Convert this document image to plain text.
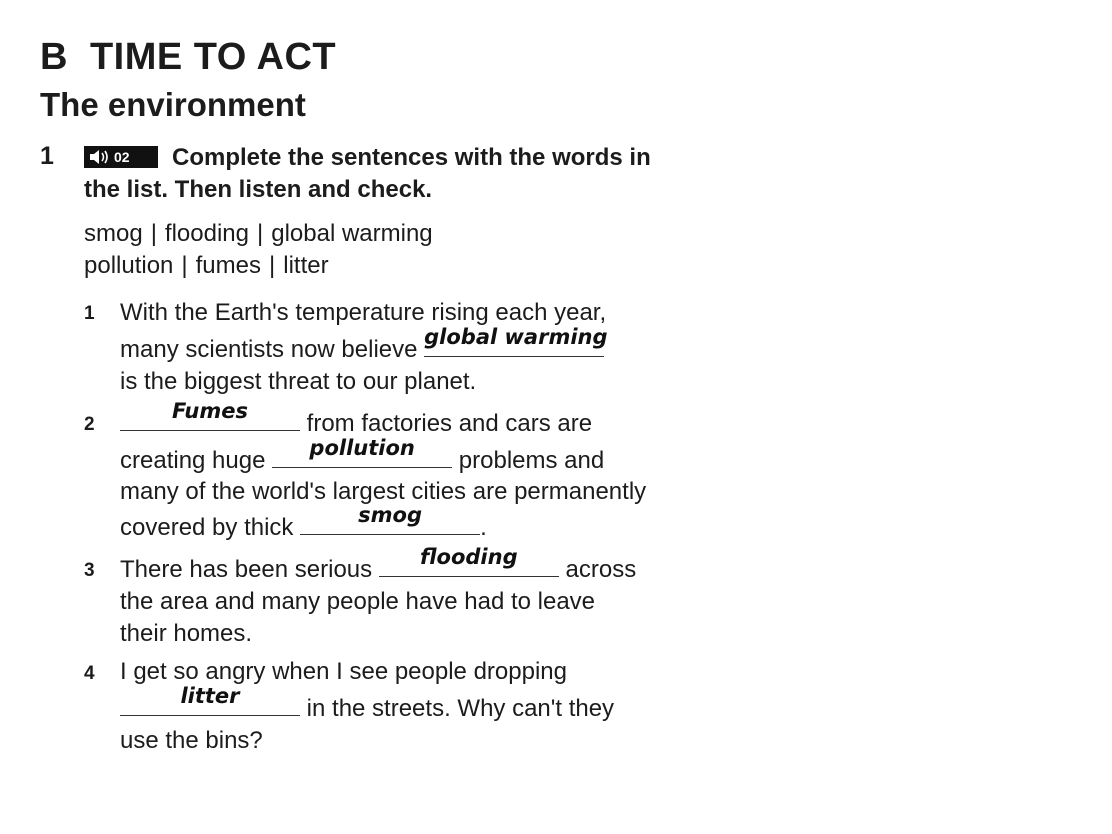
B TIME TO ACT
The environment
1	02	Complete the sentences with the words in the list. Then listen and check.
smog | flooding | global warming
pollution | fumes | litter
1 With the Earth's temperature rising each year,
many scientists now believe global warming
is the biggest threat to our planet.
2
Fumes	from factories and cars are
creating huge	pollution	problems and
many of the world's largest cities are permanently
covered by thick	smog	.
3 There has been serious	flooding	across
the area and many people have had to leave
their homes.
4 I get so angry when I see people dropping
litter	in the streets. Why can't they
use the bins?
